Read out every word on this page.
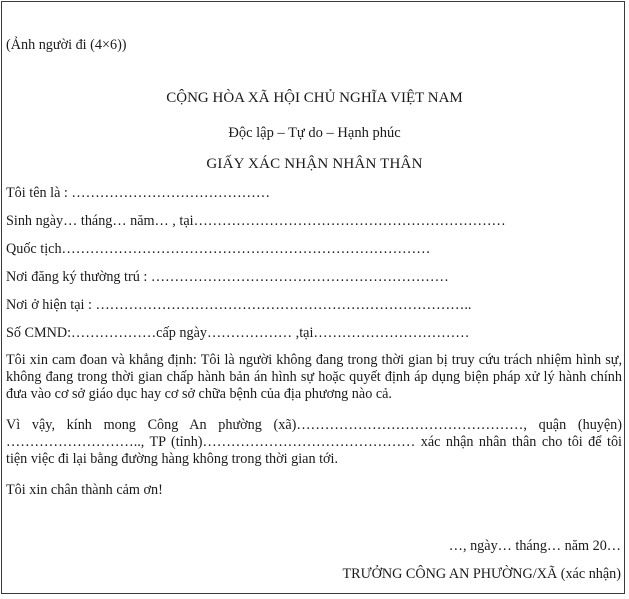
(Ảnh người đi (4×6))
CỘNG HÒA XÃ HỘI CHỦ NGHĨA VIỆT NAM
Độc lập – Tự do – Hạnh phúc
GIẤY XÁC NHẬN NHÂN THÂN
Tôi tên là : ……………………………………
Sinh ngày… tháng… năm… , tại…………………………………………………………
Quốc tịch……………………………………………………………………
Nơi đăng ký thường trú : ………………………………………………………
Nơi ở hiện tại : ……………………………………………………………………..
Số CMND:………………cấp ngày……………… ,tại……………………………
Tôi xin cam đoan và khẳng định: Tôi là người không đang trong thời gian bị truy cứu trách nhiệm hình sự, không đang trong thời gian chấp hành bản án hình sự hoặc quyết định áp dụng biện pháp xử lý hành chính đưa vào cơ sở giáo dục hay cơ sở chữa bệnh của địa phương nào cả.
Vì vậy, kính mong Công An phường (xã)…………………………………………, quận (huyện) ……………………….., TP (tỉnh)……………………………………… xác nhận nhân thân cho tôi để tôi tiện việc đi lại bằng đường hàng không trong thời gian tới.
Tôi xin chân thành cảm ơn!
…, ngày… tháng… năm 20…
TRƯỞNG CÔNG AN PHƯỜNG/XÃ (xác nhận)
